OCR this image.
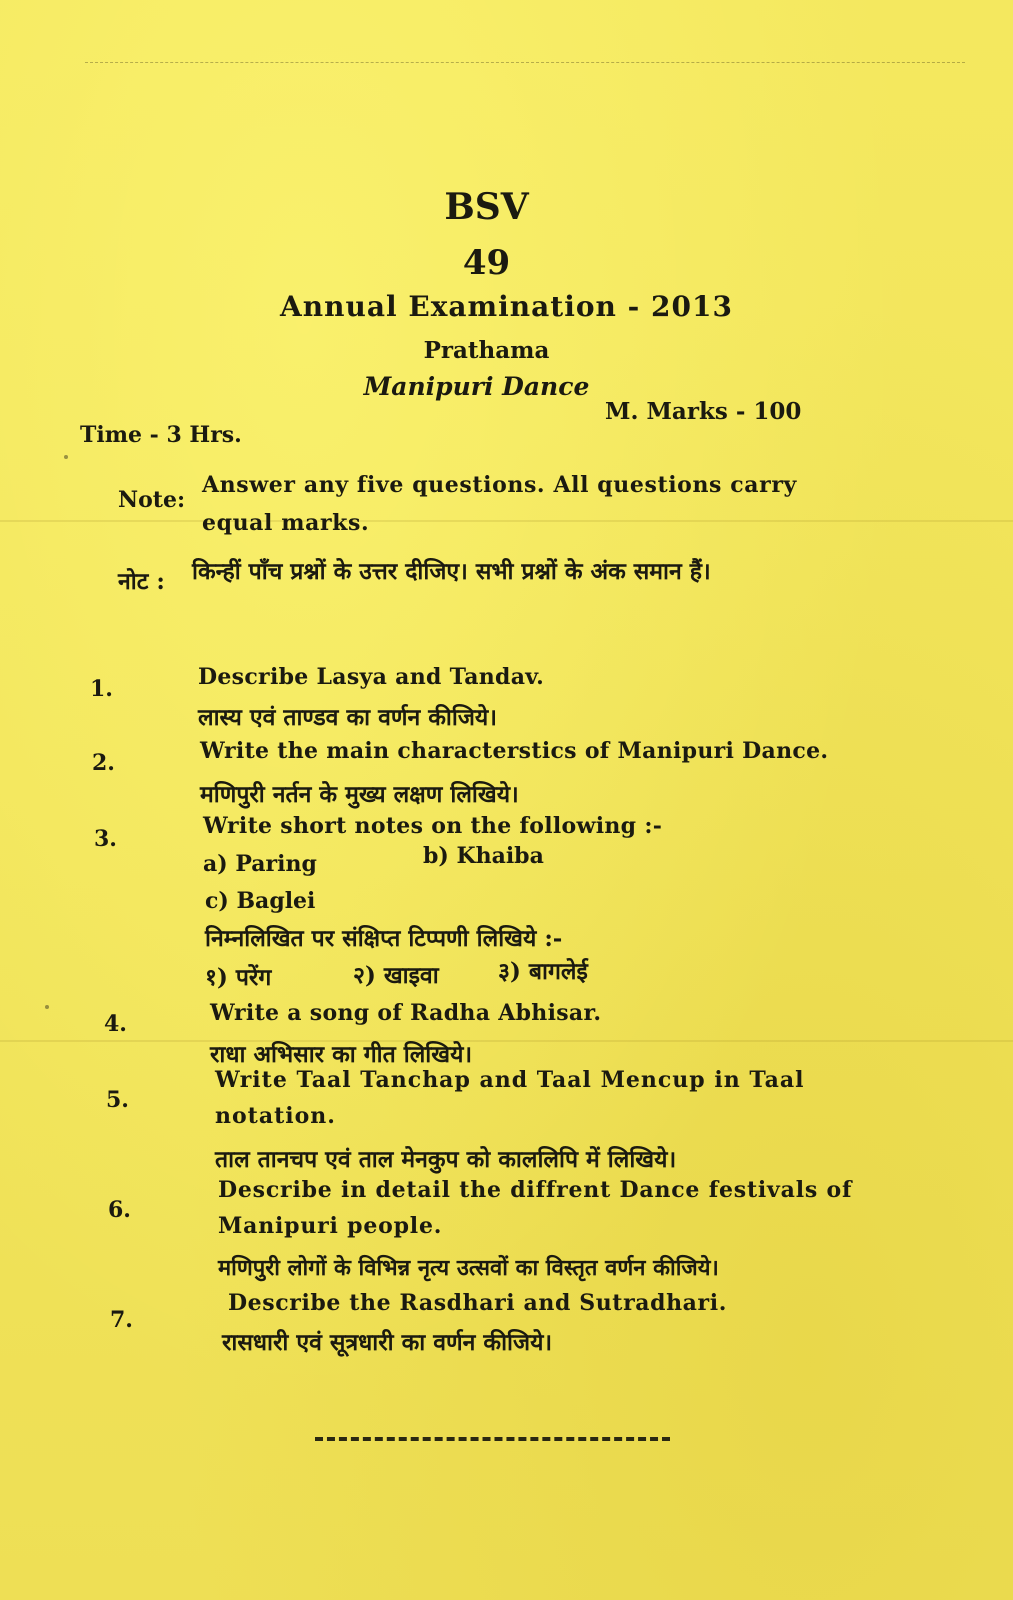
BSV
49
Annual Examination - 2013
Prathama
Manipuri Dance
Time - 3 Hrs.
M. Marks - 100
Note:
Answer any five questions. All questions carry equal marks.
नोट : किन्हीं पाँच प्रश्नों के उत्तर दीजिए। सभी प्रश्नों के अंक समान हैं।
1.	Describe Lasya and Tandav.
लास्य एवं ताण्डव का वर्णन कीजिये।
2.	Write the main characterstics of Manipuri Dance.
मणिपुरी नर्तन के मुख्य लक्षण लिखिये।
3.	Write short notes on the following :-
a) Paring	b) Khaiba
c) Baglei
निम्नलिखित पर संक्षिप्त टिप्पणी लिखिये :-
१) परेंग	२) खाइवा	३) बागलेई
4.	Write a song of Radha Abhisar.
राधा अभिसार का गीत लिखिये।
5.
Write Taal Tanchap and Taal Mencup in Taal notation.
ताल तानचप एवं ताल मेनकुप को काललिपि में लिखिये।
6.
Describe in detail the diffrent Dance festivals of Manipuri people.
मणिपुरी लोगों के विभिन्न नृत्य उत्सवों का विस्तृत वर्णन कीजिये।
7.
Describe the Rasdhari and Sutradhari.
रासधारी एवं सूत्रधारी का वर्णन कीजिये।
